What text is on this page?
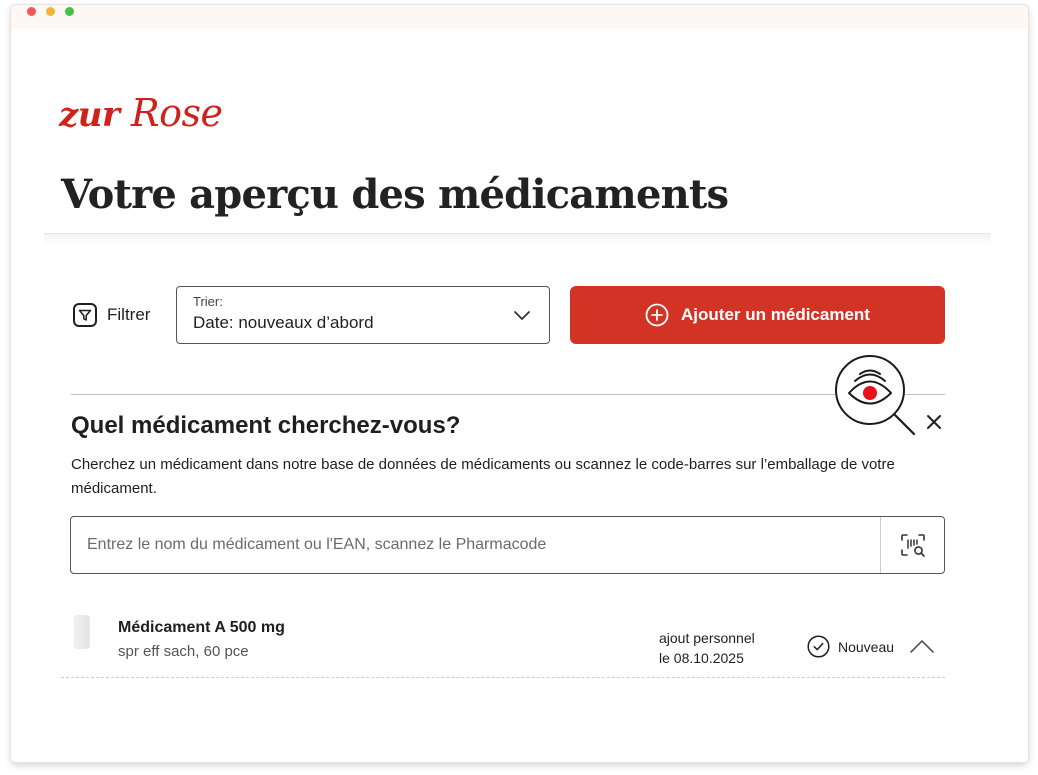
zur Rose
Votre aperçu des médicaments
Filtrer
Trier:
Date: nouveaux d’abord	Ajouter un médicament
Quel médicament cherchez-vous?

Cherchez un médicament dans notre base de données de médicaments ou scannez le code-barres sur l’emballage de votre médicament.

Entrez le nom du médicament ou l'EAN, scannez le Pharmacode
Médicament A 500 mg
spr eff sach, 60 pce
ajout personnel
le 08.10.2025
Nouveau
